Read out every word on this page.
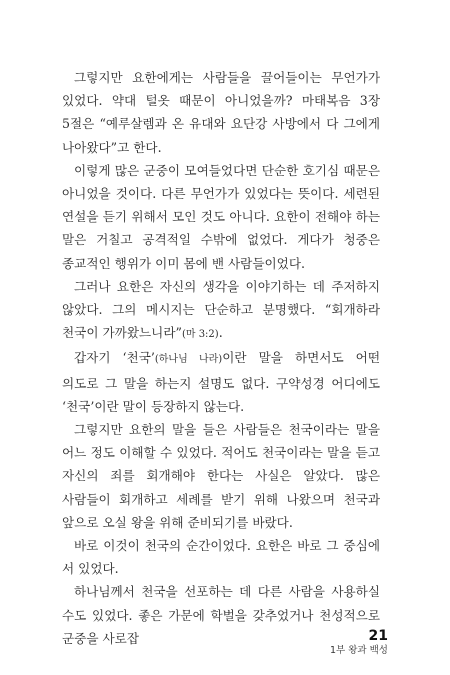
그렇지만 요한에게는 사람들을 끌어들이는 무언가가 있었다. 약대 털옷 때문이 아니었을까? 마태복음 3장 5절은 “예루살렘과 온 유대와 요단강 사방에서 다 그에게 나아왔다”고 한다.

이렇게 많은 군중이 모여들었다면 단순한 호기심 때문은 아니었을 것이다. 다른 무언가가 있었다는 뜻이다. 세련된 연설을 듣기 위해서 모인 것도 아니다. 요한이 전해야 하는 말은 거칠고 공격적일 수밖에 없었다. 게다가 청중은 종교적인 행위가 이미 몸에 밴 사람들이었다.

그러나 요한은 자신의 생각을 이야기하는 데 주저하지 않았다. 그의 메시지는 단순하고 분명했다. “회개하라 천국이 가까왔느니라”(마 3:2).

갑자기 ‘천국’(하나님 나라)이란 말을 하면서도 어떤 의도로 그 말을 하는지 설명도 없다. 구약성경 어디에도 ‘천국’이란 말이 등장하지 않는다.

그렇지만 요한의 말을 들은 사람들은 천국이라는 말을 어느 정도 이해할 수 있었다. 적어도 천국이라는 말을 듣고 자신의 죄를 회개해야 한다는 사실은 알았다. 많은 사람들이 회개하고 세례를 받기 위해 나왔으며 천국과 앞으로 오실 왕을 위해 준비되기를 바랐다.

바로 이것이 천국의 순간이었다. 요한은 바로 그 중심에 서 있었다.

하나님께서 천국을 선포하는 데 다른 사람을 사용하실 수도 있었다. 좋은 가문에 학벌을 갖추었거나 천성적으로 군중을 사로잡	21
1부 왕과 백성
